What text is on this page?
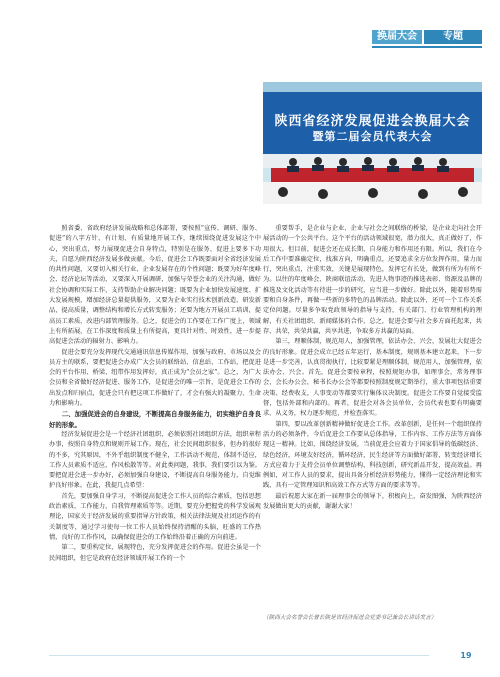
换届大会	专题
陕西省经济发展促进会换届大会
暨第二届会员代表大会

照省委、省政府经济发展战略和总体部署，要按照“宣传、调研、服务、促进”的八字方针，有计划、有质量地开展工作，继续围绕促进发展这个中心，突出重点，努力展现促进会自身特点，特别是在服务、促进上要多下功夫，自愿为陕西经济发展多做贡献。今后，促进会工作既要面对全省经济发展的共性问题，又要切入相关行业、企业发展存在的个性问题；既要为好年度峰会、经济论坛等活动，又要深入开展调研，加强与荣誉会业的关注沟通，做好社会协调和实际工作，支持帮助企业解决问题；既要为企业加快发展速度、扩大发展规模，增加经济总量提供服务，又要为企业实行技术创新改造、研发新品，提高质量，调整结构和增长方式转变服务；还要为地方开展员工培训，提高员工素质，改进内部管理服务。总之，促进会的工作要在工作广度上，领域上有所拓展，在工作深度和质量上有所提高，更具针对性、时效性，进一步提高促进会活动的辐射力、影响力。

促进会要充分发挥现代交通通讯信息传媒作用，加强与政府、市场以及会员方主的联系，要把促进会办成广大会员的联络站、信息站、工作站，把促进会的平台作用、桥梁、纽带作用发挥好，真正成为“会员之家”。总之，为广大会员和全省做好经济促进、服务工作，是促进会的唯一宗旨，是促进会工作的出发点和归宿点，促进会只有把这项工作做好了，才会有强大的凝聚力、生命力和影响力。

二、加强促进会的自身建设，不断提高自身服务能力，切实维护自身良好的形象。

经济发展促进会是一个经济社团组织，必须依照社团组织方法，组织章程办事，按照自身特点和规则开展工作。现在，社会民间组织很多，但办的很好的不多，究其原因，不外乎组织制度不健全，工作活动不规范，体制不适应，工作人员素质不适应，作风松散等等。对此类问题，我事，我们要引以为鉴。要把促进会进一步办好，必须加强自身建设，不断提高自身服务能力，自觉维护良好形象。在此，我提几点希望：

首先，要加强自身学习，不断提高促进会工作人员的综合素质，包括思想政治素质，工作能力，自我管理素质等等。近期，要充分把握党的科学发展观理论，国家关于经济发展的重要指导方针政策，相关法律法规及社团运作的有关制度等，通过学习使每一位工作人员始终保持清醒的头脑，旺盛的工作热情，良好的工作作风，以确保促进会的工作始终沿着正确的方向前进。

第二，要重构定位，展现特色，充分发挥促进会的作用。促进会虽是一个民间组织，但它是政府在经济领域开展工作的一个

重要帮手，是企业与企业、企业与社会之间联络的桥梁，是企业走向社会开展活动的一个公共平台。这个平台的活动领域很宽，潜力很大，真正做好了，作用很大。但目前，促进会还在成长期，自身能力和作用还有限。所以，我们在今后工作中要准确定位，找准方向，明确重点，还要追求全方位发挥作用，量力而行，突出重点，注重实效，关键是展现特色，发挥它有长处，做到有所为有所不为。以往的年度峰会、陕商联谊活动，先进人物事迹的推选表彰、资源及品牌的推选及文化活动等有待进一步的研究，应当进一步做好。除此以外，随着形势需要和自身条件，再做一些新的多特色的品牌活动。除此以外，还可一个工作关系定位问题。尽量多争取党政领导的指导与支持，有关部门、行业管理机构的理解，有关社团组织、新闻媒体的合作，总之，促进会要与社会多方面托起来，共存、共荣，共荣共赢，共享共进，争取多方共赢的局面。

第三，理顺体制，规范用人，加强管理，依法办会、兴会，发展壮大促进会的良好形象。促进会成立已经五年运行，基本制度，规则基本建立起来，下一步是进一步完善，认真贯彻执行，比较要紧是理顺体制，规范用人，加强管理，依法办会、兴会。首先，促进会要按章程，按照规矩办事，如理事会，常务理事会，会长办公会，秘书长办公会等都要按照制度规定期举行，重大事项包括重要决策、经费收支，人事变动等都要实行集体议决制度。促进会工作要自觉接受监督，包括外部和内部的。再者，促进会对各会员单位，会员代表也要有明确要求，从义务，权力逐步规范，并检查落实。

第四，要以改革创新精神做好促进会工作。改革创新，是任何一个组织保持活力的必须条件，今后促进会工作要从总体指导，工作内容、工作方法等方面体现这一精神。比如，围绕经济发展，当前促进会应着力于国家倡导的低碳经济、绿色经济，环境友好经济，循环经济，民生经济等方面做好部署，转变经济增长方式应着力于支持会员单位调整结构，科技创新，研究新品开发，提高效益。再例如，对工作人员的要求，提出具备分析经济形势能力，懂得一定经济理论和实践，具有一定管理知识和高效工作方式等方面的要求等等。

最后祝愿大家在新一届理事会的领导下，积极向上，奋发图强，为陕西经济发展做出更大的贡献，谢谢大家！

（陕西大会名誉会长曾长陕是省经济促进会党委书记兼会长讲话发言）
19
